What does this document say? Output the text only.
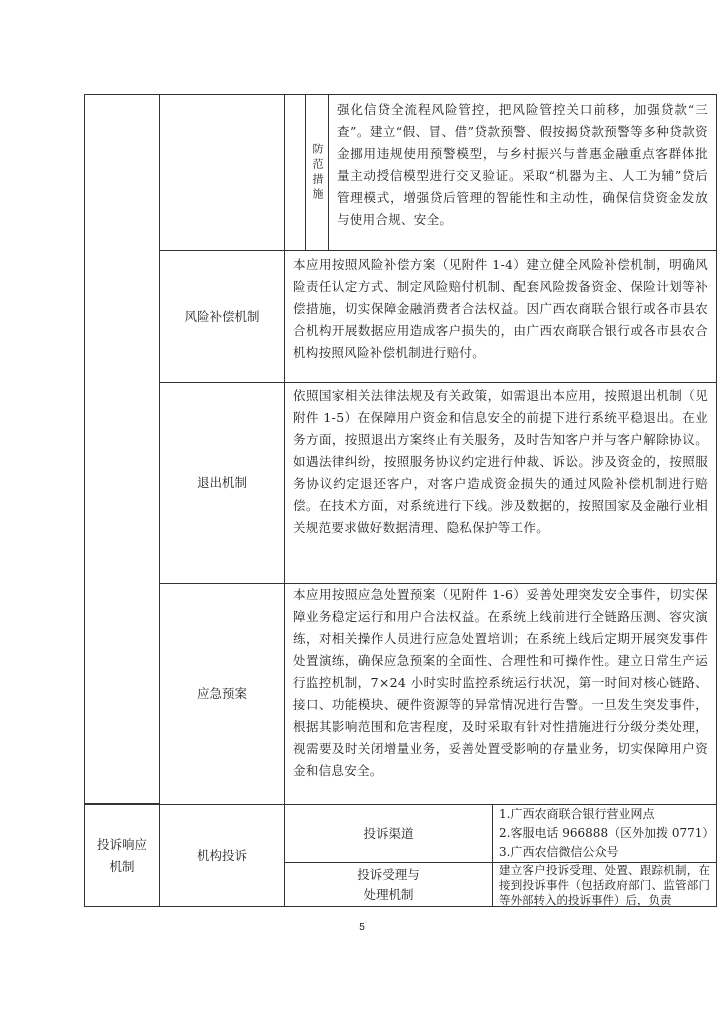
防范措施
强化信贷全流程风险管控，把风险管控关口前移，加强贷款“三查”。建立“假、冒、借”贷款预警、假按揭贷款预警等多种贷款资金挪用违规使用预警模型，与乡村振兴与普惠金融重点客群体批量主动授信模型进行交叉验证。采取“机器为主、人工为辅”贷后管理模式，增强贷后管理的智能性和主动性，确保信贷资金发放与使用合规、安全。
风险补偿机制
本应用按照风险补偿方案（见附件 1-4）建立健全风险补偿机制，明确风险责任认定方式、制定风险赔付机制、配套风险拨备资金、保险计划等补偿措施，切实保障金融消费者合法权益。因广西农商联合银行或各市县农合机构开展数据应用造成客户损失的，由广西农商联合银行或各市县农合机构按照风险补偿机制进行赔付。
退出机制
依照国家相关法律法规及有关政策，如需退出本应用，按照退出机制（见附件 1-5）在保障用户资金和信息安全的前提下进行系统平稳退出。在业务方面，按照退出方案终止有关服务，及时告知客户并与客户解除协议。如遇法律纠纷，按照服务协议约定进行仲裁、诉讼。涉及资金的，按照服务协议约定退还客户，对客户造成资金损失的通过风险补偿机制进行赔偿。在技术方面，对系统进行下线。涉及数据的，按照国家及金融行业相关规范要求做好数据清理、隐私保护等工作。
应急预案
本应用按照应急处置预案（见附件 1-6）妥善处理突发安全事件，切实保障业务稳定运行和用户合法权益。在系统上线前进行全链路压测、容灾演练，对相关操作人员进行应急处置培训；在系统上线后定期开展突发事件处置演练，确保应急预案的全面性、合理性和可操作性。建立日常生产运行监控机制，7×24 小时实时监控系统运行状况，第一时间对核心链路、接口、功能模块、硬件资源等的异常情况进行告警。一旦发生突发事件，根据其影响范围和危害程度，及时采取有针对性措施进行分级分类处理，视需要及时关闭增量业务，妥善处置受影响的存量业务，切实保障用户资金和信息安全。
投诉响应机制
机构投诉
投诉渠道
1.广西农商联合银行营业网点
2.客服电话 966888（区外加拨 0771）
3.广西农信微信公众号
投诉受理与处理机制
建立客户投诉受理、处置、跟踪机制，在接到投诉事件（包括政府部门、监管部门等外部转入的投诉事件）后，负责
5
